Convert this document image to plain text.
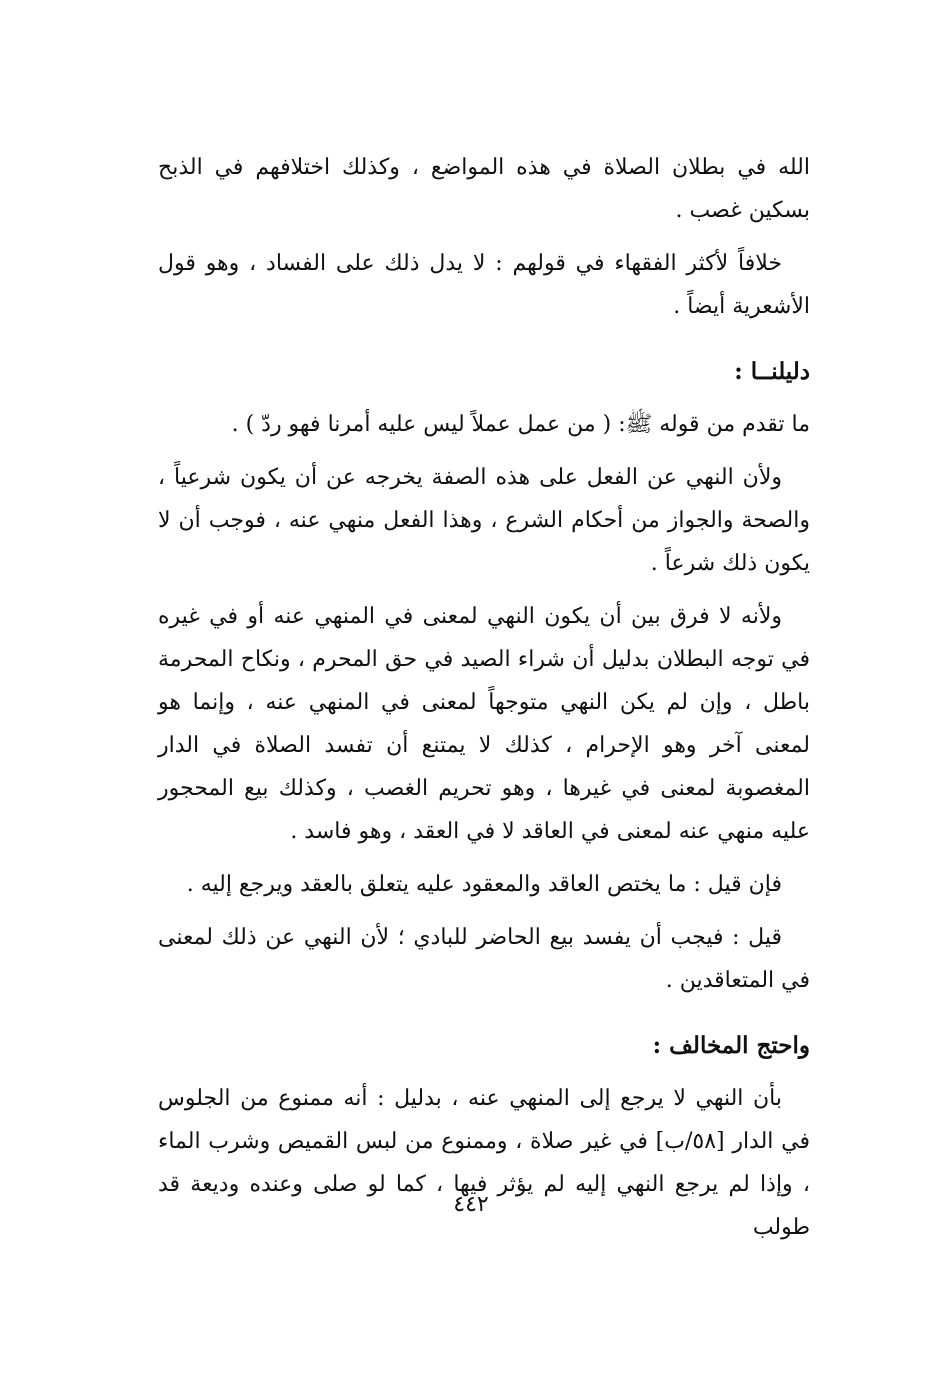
الله في بطلان الصلاة في هذه المواضع ، وكذلك اختلافهم في الذبح بسكين غصب .

خلافاً لأكثر الفقهاء في قولهم : لا يدل ذلك على الفساد ، وهو قول الأشعرية أيضاً .

دليلنــا :

ما تقدم من قوله ﷺ: ( من عمل عملاً ليس عليه أمرنا فهو ردّ ) .

ولأن النهي عن الفعل على هذه الصفة يخرجه عن أن يكون شرعياً ، والصحة والجواز من أحكام الشرع ، وهذا الفعل منهي عنه ، فوجب أن لا يكون ذلك شرعاً .

ولأنه لا فرق بين أن يكون النهي لمعنى في المنهي عنه أو في غيره في توجه البطلان بدليل أن شراء الصيد في حق المحرم ، ونكاح المحرمة باطل ، وإن لم يكن النهي متوجهاً لمعنى في المنهي عنه ، وإنما هو لمعنى آخر وهو الإحرام ، كذلك لا يمتنع أن تفسد الصلاة في الدار المغصوبة لمعنى في غيرها ، وهو تحريم الغصب ، وكذلك بيع المحجور عليه منهي عنه لمعنى في العاقد لا في العقد ، وهو فاسد .

فإن قيل : ما يختص العاقد والمعقود عليه يتعلق بالعقد ويرجع إليه .

قيل : فيجب أن يفسد بيع الحاضر للبادي ؛ لأن النهي عن ذلك لمعنى في المتعاقدين .

واحتج المخالف :

بأن النهي لا يرجع إلى المنهي عنه ، بدليل : أنه ممنوع من الجلوس في الدار [٥٨/ب] في غير صلاة ، وممنوع من لبس القميص وشرب الماء ، وإذا لم يرجع النهي إليه لم يؤثر فيها ، كما لو صلى وعنده وديعة قد طولب

٤٤٢
